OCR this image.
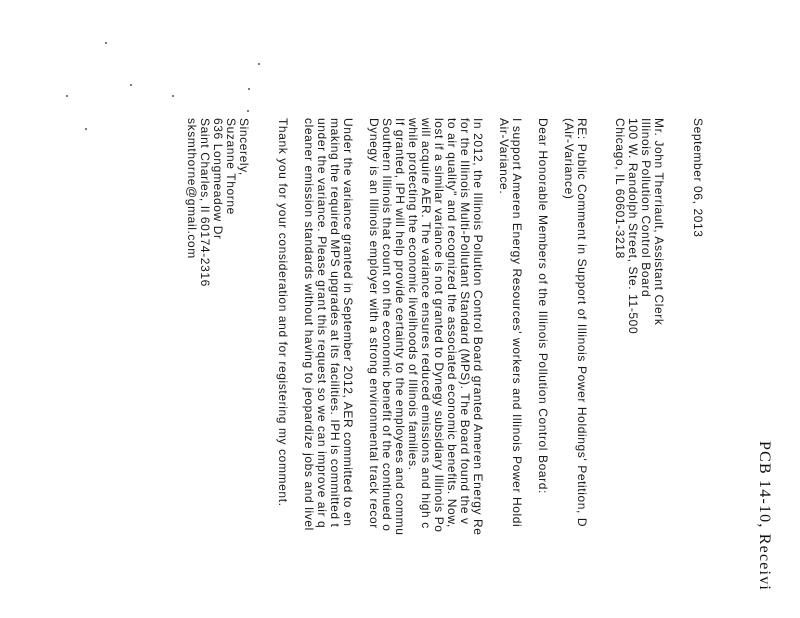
PCB 14-10, Receivi
September 06, 2013
Mr. John Therriault, Assistant Clerk
Illinois Pollution Control Board
100 W. Randolph Street, Ste. 11-500
Chicago, IL 60601-3218
RE: Public Comment in Support of Illinois Power Holdings' Petition, D
(Air-Variance)
Dear Honorable Members of the Illinois Pollution Control Board:
I support Ameren Energy Resources' workers and Illinois Power Holdi
Air-Variance.
In 2012, the Illinois Pollution Control Board granted Ameren Energy Re
for the Illinois Multi-Pollutant Standard (MPS). The Board found the v
to air quality" and recognized the associated economic benefits. Now,
lost if a similar variance is not granted to Dynegy subsidiary Illinois Po
will acquire AER. The variance ensures reduced emissions and high c
while protecting the economic livelihoods of Illinois families.
If granted, IPH will help provide certainty to the employees and commu
Southern Illinois that count on the economic benefit of the continued o
Dynegy is an Illinois employer with a strong environmental track recor
Under the variance granted in September 2012, AER committed to en
making the required MPS upgrades at its facilities. IPH is committed t
under the variance. Please grant this request so we can improve air q
cleaner emission standards without having to jeopardize jobs and livel
Thank you for your consideration and for registering my comment.
Sincerely,
Suzanne Thorne
636 Longmeadow Dr
Saint Charles, Il 60174-2316
sksmthorne@gmail.com
